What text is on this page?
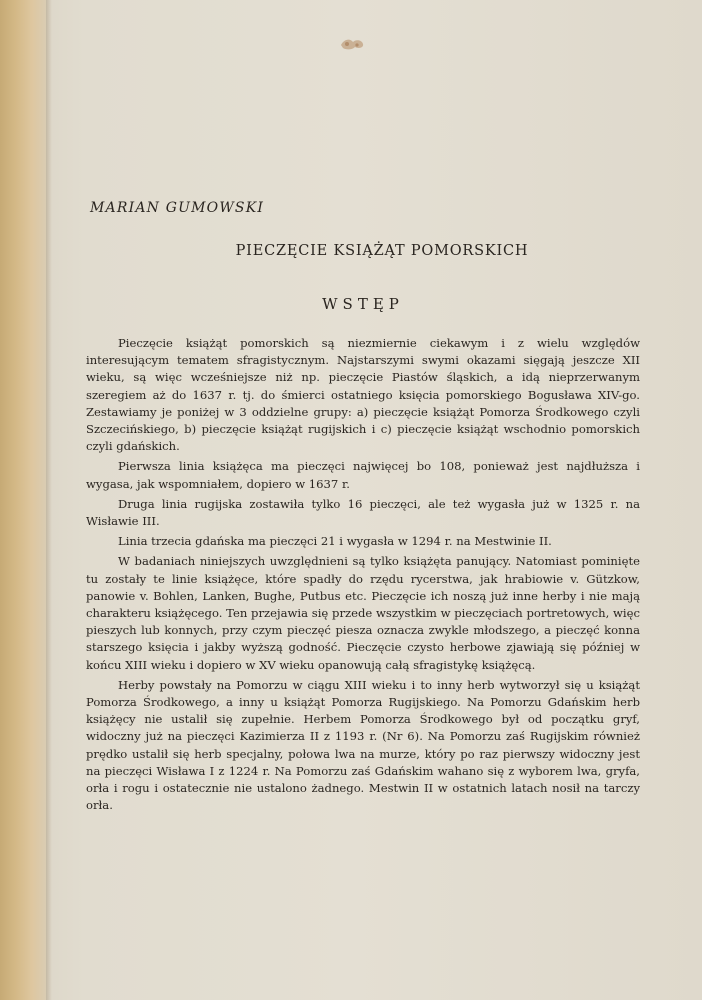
MARIAN GUMOWSKI
PIECZĘCIE KSIĄŻĄT POMORSKICH
WSTĘP

Pieczęcie książąt pomorskich są niezmiernie ciekawym i z wielu względów interesującym tematem sfragistycznym. Najstarszymi swymi okazami sięgają jeszcze XII wieku, są więc wcześniejsze niż np. pieczęcie Piastów śląskich, a idą nieprzerwanym szeregiem aż do 1637 r. tj. do śmierci ostatniego księcia pomorskiego Bogusława XIV-go. Zestawiamy je poniżej w 3 oddzielne grupy: a) pieczęcie książąt Pomorza Środkowego czyli Szczecińskiego, b) pieczęcie książąt rugijskich i c) pieczęcie książąt wschodnio pomorskich czyli gdańskich.

Pierwsza linia książęca ma pieczęci najwięcej bo 108, ponieważ jest najdłuższa i wygasa, jak wspomniałem, dopiero w 1637 r.

Druga linia rugijska zostawiła tylko 16 pieczęci, ale też wygasła już w 1325 r. na Wisławie III.

Linia trzecia gdańska ma pieczęci 21 i wygasła w 1294 r. na Mestwinie II.

W badaniach niniejszych uwzględnieni są tylko książęta panujący. Natomiast pominięte tu zostały te linie książęce, które spadły do rzędu rycerstwa, jak hrabiowie v. Gützkow, panowie v. Bohlen, Lanken, Bughe, Putbus etc. Pieczęcie ich noszą już inne herby i nie mają charakteru książęcego. Ten przejawia się przede wszystkim w pieczęciach portretowych, więc pieszych lub konnych, przy czym pieczęć piesza oznacza zwykle młodszego, a pieczęć konna starszego księcia i jakby wyższą godność. Pieczęcie czysto herbowe zjawiają się później w końcu XIII wieku i dopiero w XV wieku opanowują całą sfragistykę książęcą.

Herby powstały na Pomorzu w ciągu XIII wieku i to inny herb wytworzył się u książąt Pomorza Środkowego, a inny u książąt Pomorza Rugijskiego. Na Pomorzu Gdańskim herb książęcy nie ustalił się zupełnie. Herbem Pomorza Środkowego był od początku gryf, widoczny już na pieczęci Kazimierza II z 1193 r. (Nr 6). Na Pomorzu zaś Rugijskim również prędko ustalił się herb specjalny, połowa lwa na murze, który po raz pierwszy widoczny jest na pieczęci Wisława I z 1224 r. Na Pomorzu zaś Gdańskim wahano się z wyborem lwa, gryfa, orła i rogu i ostatecznie nie ustalono żadnego. Mestwin II w ostatnich latach nosił na tarczy orła.
